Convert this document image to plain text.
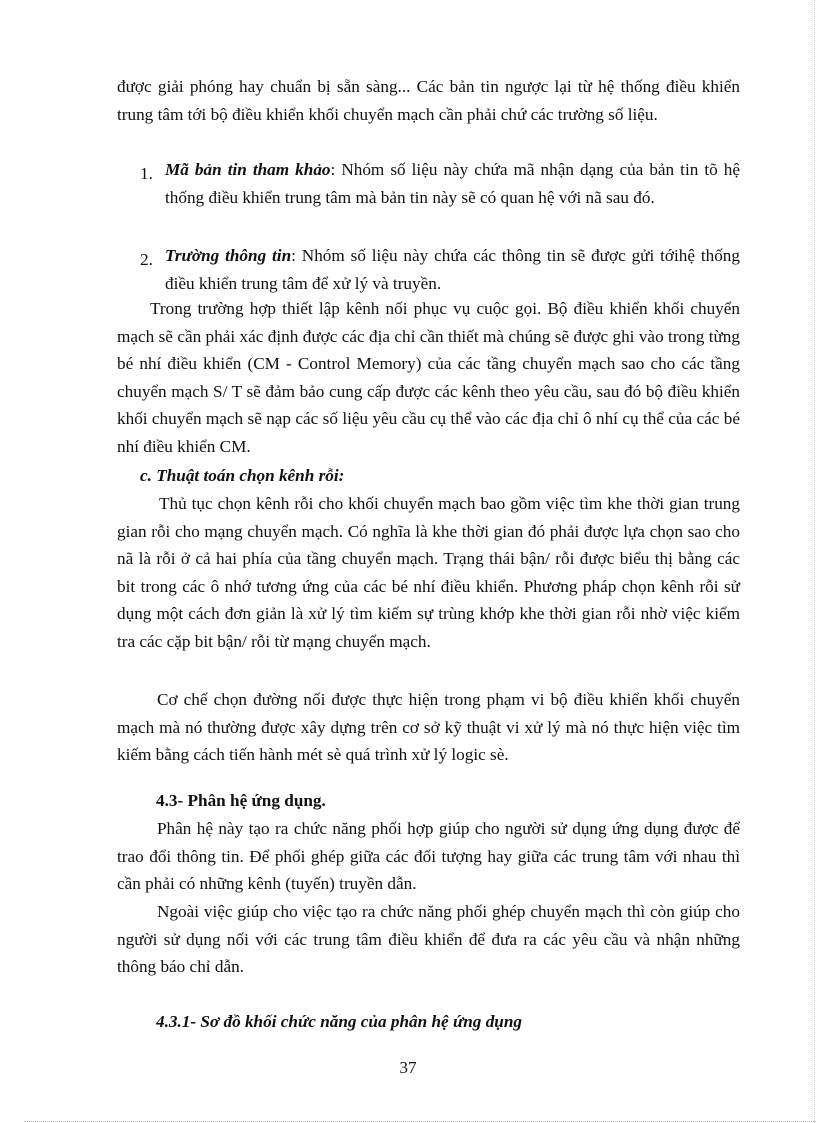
được giải phóng hay chuẩn bị sẵn sàng... Các bản tin ngược lại từ hệ thống điều khiển trung tâm tới bộ điều khiển khối chuyển mạch cần phải chứ các trường số liệu.

1. Mã bản tin tham khảo: Nhóm số liệu này chứa mã nhận dạng của bản tin tõ hệ thống điều khiển trung tâm mà bản tin này sẽ có quan hệ với nã sau đó.
2. Trường thông tin: Nhóm số liệu này chứa các thông tin sẽ được gửi tớihệ thống điều khiển trung tâm để xử lý và truyền.

Trong trường hợp thiết lập kênh nối phục vụ cuộc gọi. Bộ điều khiển khối chuyển mạch sẽ cần phải xác định được các địa chỉ cần thiết mà chúng sẽ được ghi vào trong từng bé nhí điều khiển (CM - Control Memory) của các tầng chuyển mạch sao cho các tầng chuyển mạch S/ T sẽ đảm bảo cung cấp được các kênh theo yêu cầu, sau đó bộ điều khiển khối chuyển mạch sẽ nạp các số liệu yêu cầu cụ thể vào các địa chỉ ô nhí cụ thể của các bé nhí điều khiển CM.

c. Thuật toán chọn kênh rỗi:

Thủ tục chọn kênh rỗi cho khối chuyển mạch bao gồm việc tìm khe thời gian trung gian rỗi cho mạng chuyển mạch. Có nghĩa là khe thời gian đó phải được lựa chọn sao cho nã là rỗi ở cả hai phía của tầng chuyển mạch. Trạng thái bận/ rỗi được biểu thị bằng các bit trong các ô nhớ tương ứng của các bé nhí điều khiển. Phương pháp chọn kênh rỗi sử dụng một cách đơn giản là xử lý tìm kiếm sự trùng khớp khe thời gian rỗi nhờ việc kiểm tra các cặp bit bận/ rỗi từ mạng chuyển mạch.

Cơ chế chọn đường nối được thực hiện trong phạm vi bộ điều khiển khối chuyển mạch mà nó thường được xây dựng trên cơ sở kỹ thuật vi xử lý mà nó thực hiện việc tìm kiếm bằng cách tiến hành mét sè quá trình xử lý logic sè.

4.3- Phân hệ ứng dụng.

Phân hệ này tạo ra chức năng phối hợp giúp cho người sử dụng ứng dụng được để trao đổi thông tin. Để phối ghép giữa các đối tượng hay giữa các trung tâm với nhau thì cần phải có những kênh (tuyến) truyền dẫn.

Ngoài việc giúp cho việc tạo ra chức năng phối ghép chuyển mạch thì còn giúp cho người sử dụng nối với các trung tâm điều khiển để đưa ra các yêu cầu và nhận những thông báo chỉ dẫn.

4.3.1- Sơ đồ khối chức năng của phân hệ ứng dụng
37
